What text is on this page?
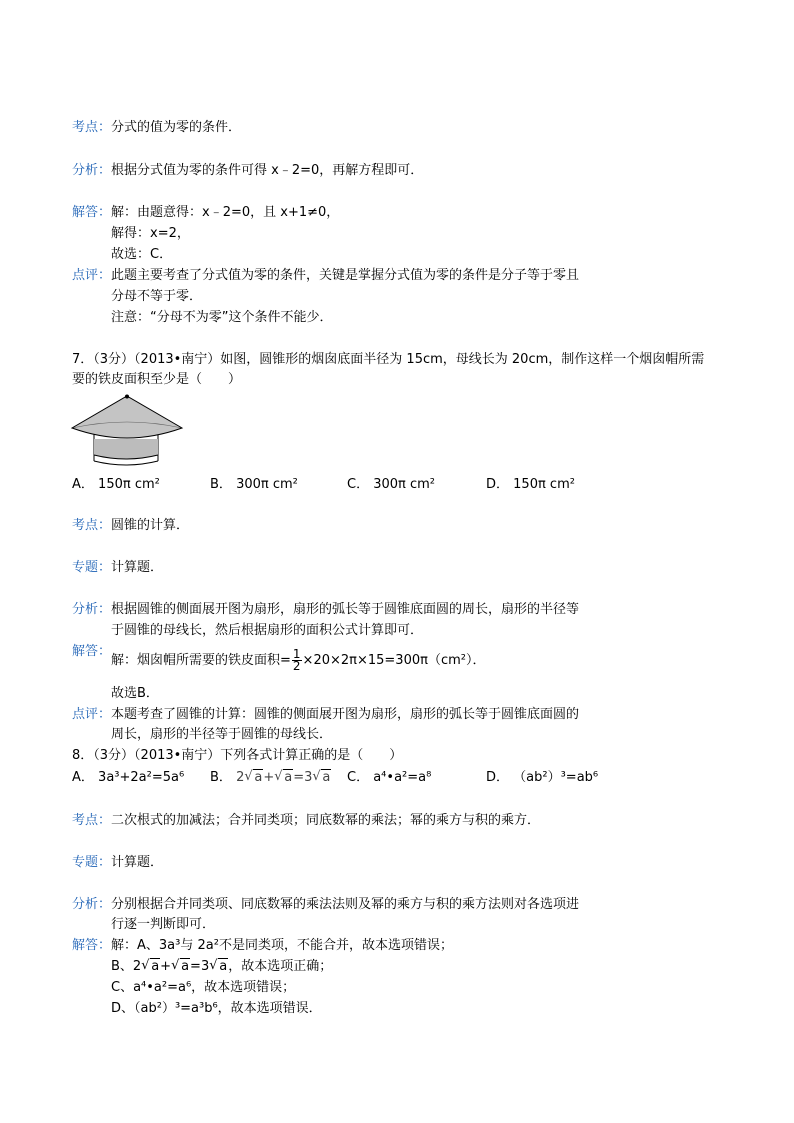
考点：分式的值为零的条件．
分析：根据分式值为零的条件可得 x﹣2=0，再解方程即可．
解答：解：由题意得：x﹣2=0，且 x+1≠0，
解得：x=2，
故选：C．
点评：此题主要考查了分式值为零的条件，关键是掌握分式值为零的条件是分子等于零且
分母不等于零．
注意：“分母不为零”这个条件不能少．
7．（3分）（2013•南宁）如图，圆锥形的烟囱底面半径为 15cm，母线长为 20cm，制作这样一个烟囱帽所需
要的铁皮面积至少是（　　）
A． 150π cm²	B． 300π cm²	C． 300π cm²	D． 150π cm²
考点：圆锥的计算．
专题：计算题．
分析：根据圆锥的侧面展开图为扇形，扇形的弧长等于圆锥底面圆的周长，扇形的半径等
于圆锥的母线长，然后根据扇形的面积公式计算即可．
解答：
解：烟囱帽所需要的铁皮面积= $\frac{1}{2} \times 20\times 2\pi\times 15=300\pi(cm^2)$．
故选B．
点评：本题考查了圆锥的计算：圆锥的侧面展开图为扇形，扇形的弧长等于圆锥底面圆的
周长，扇形的半径等于圆锥的母线长．
8．（3分）（2013•南宁）下列各式计算正确的是（　　）
A． 3a³+2a²=5a⁶ B． 2 √ a+ √ a=3 √ a C． a⁴•a²=a⁸	D． （ab²）³=ab⁶
考点：二次根式的加减法；合并同类项；同底数幂的乘法；幂的乘方与积的乘方．
专题：计算题．
分析：分别根据合并同类项、同底数幂的乘法法则及幂的乘方与积的乘方法则对各选项进
行逐一判断即可．
解答：解：A、3a³与 2a²不是同类项，不能合并，故本选项错误；
B、2 √ a+ √ a=3 √ a，故本选项正确；
C、a⁴•a²=a⁶，故本选项错误；
D、（ab²）³=a³b⁶，故本选项错误．
